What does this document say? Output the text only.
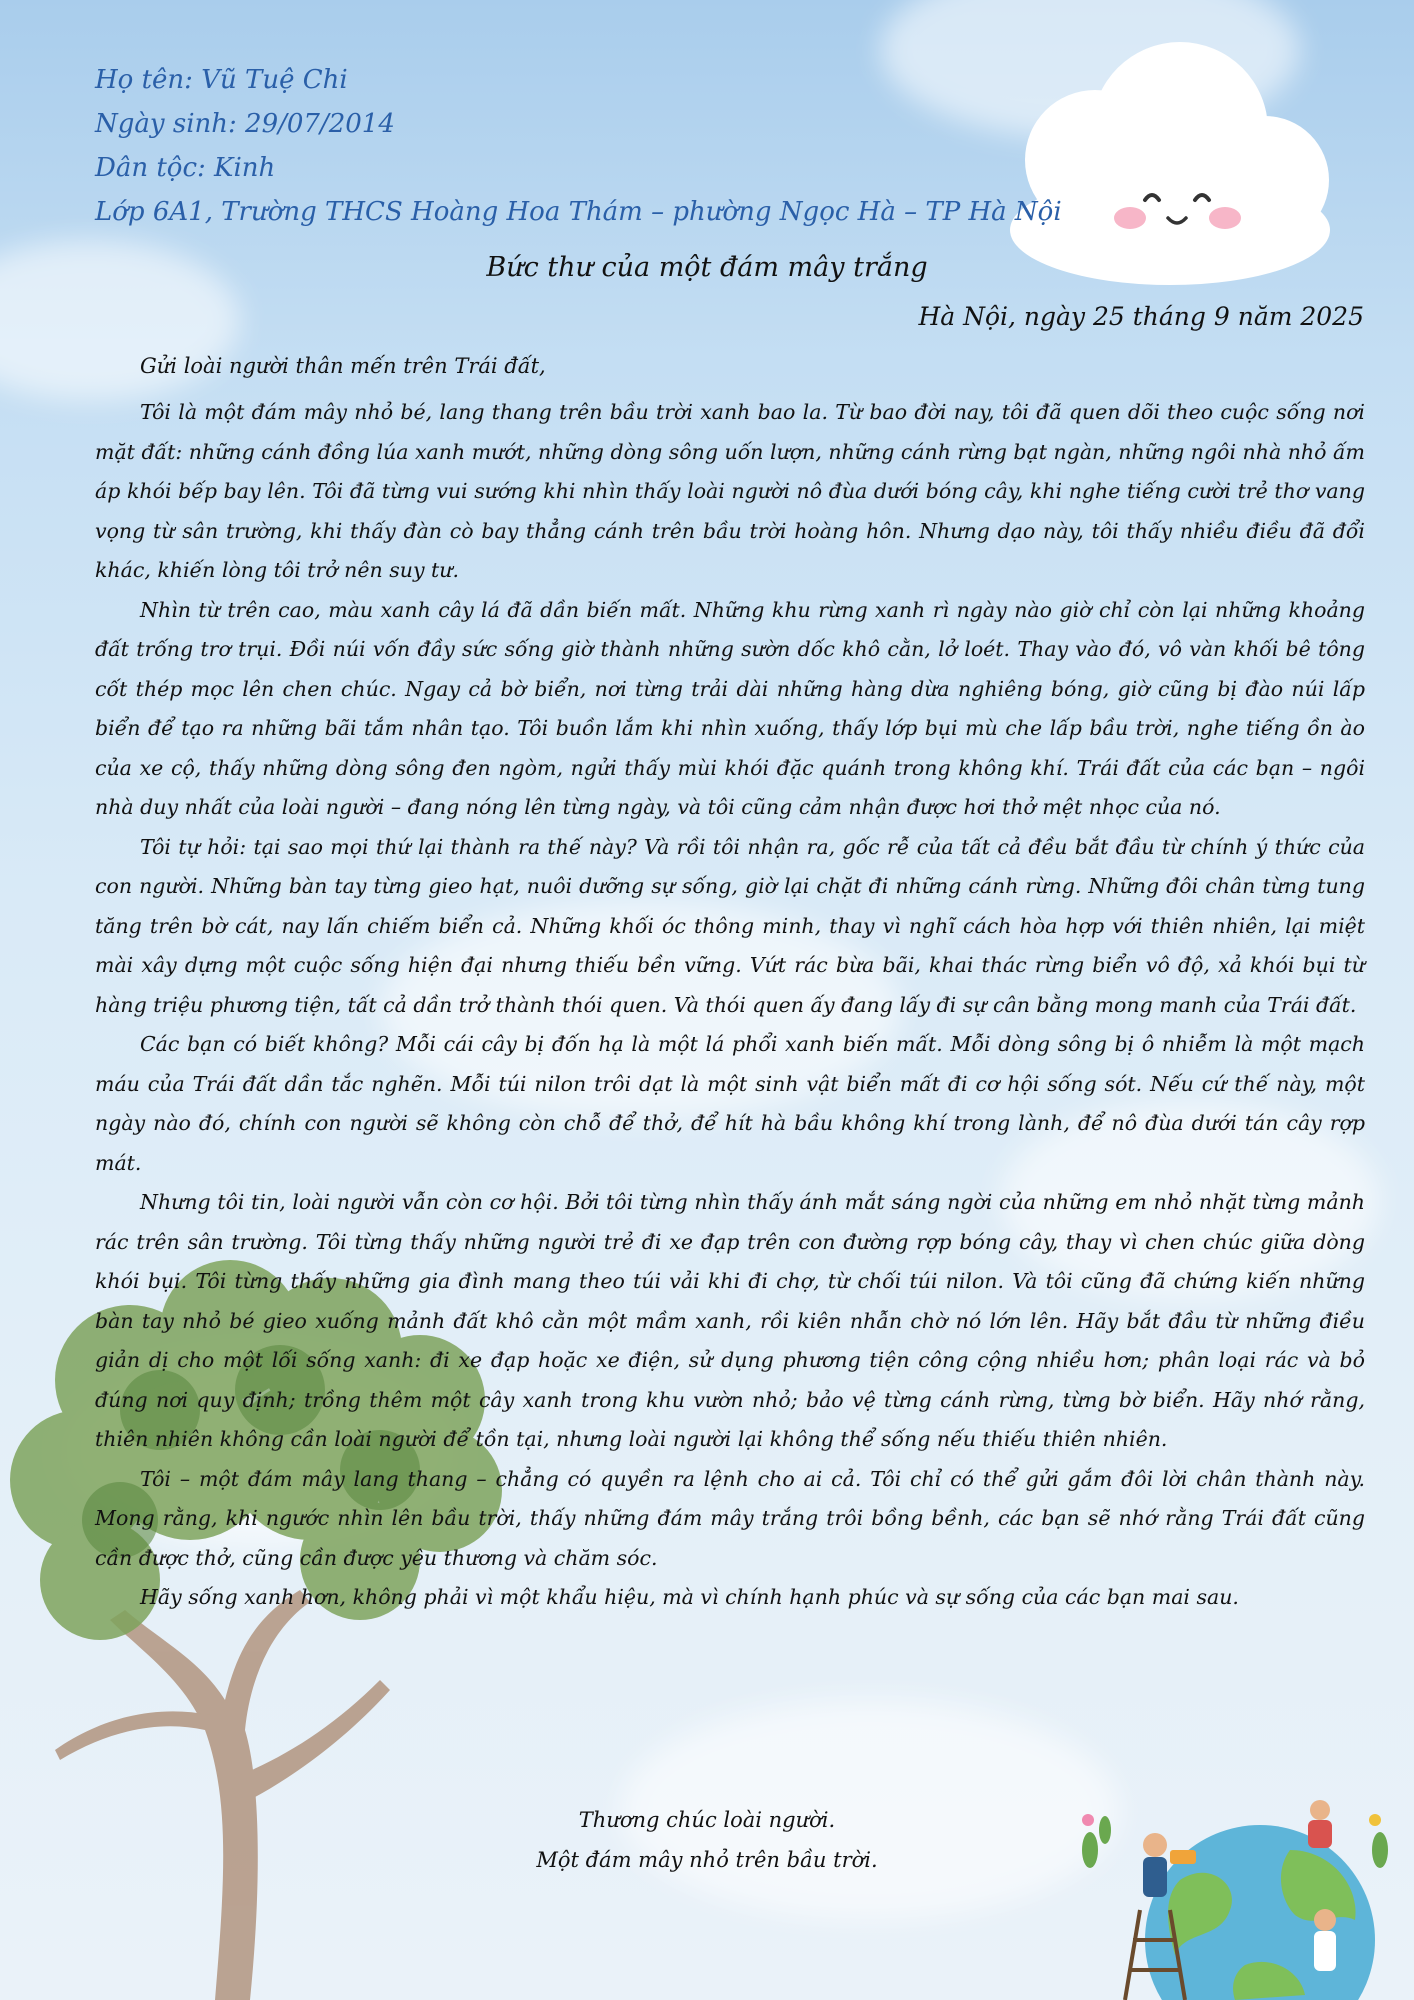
Họ tên: Vũ Tuệ Chi
Ngày sinh: 29/07/2014
Dân tộc: Kinh
Lớp 6A1, Trường THCS Hoàng Hoa Thám – phường Ngọc Hà – TP Hà Nội
Bức thư của một đám mây trắng
Hà Nội, ngày 25 tháng 9 năm 2025
Gửi loài người thân mến trên Trái đất,

Tôi là một đám mây nhỏ bé, lang thang trên bầu trời xanh bao la. Từ bao đời nay, tôi đã quen dõi theo cuộc sống nơi mặt đất: những cánh đồng lúa xanh mướt, những dòng sông uốn lượn, những cánh rừng bạt ngàn, những ngôi nhà nhỏ ấm áp khói bếp bay lên. Tôi đã từng vui sướng khi nhìn thấy loài người nô đùa dưới bóng cây, khi nghe tiếng cười trẻ thơ vang vọng từ sân trường, khi thấy đàn cò bay thẳng cánh trên bầu trời hoàng hôn. Nhưng dạo này, tôi thấy nhiều điều đã đổi khác, khiến lòng tôi trở nên suy tư.

Nhìn từ trên cao, màu xanh cây lá đã dần biến mất. Những khu rừng xanh rì ngày nào giờ chỉ còn lại những khoảng đất trống trơ trụi. Đồi núi vốn đầy sức sống giờ thành những sườn dốc khô cằn, lở loét. Thay vào đó, vô vàn khối bê tông cốt thép mọc lên chen chúc. Ngay cả bờ biển, nơi từng trải dài những hàng dừa nghiêng bóng, giờ cũng bị đào núi lấp biển để tạo ra những bãi tắm nhân tạo. Tôi buồn lắm khi nhìn xuống, thấy lớp bụi mù che lấp bầu trời, nghe tiếng ồn ào của xe cộ, thấy những dòng sông đen ngòm, ngửi thấy mùi khói đặc quánh trong không khí. Trái đất của các bạn – ngôi nhà duy nhất của loài người – đang nóng lên từng ngày, và tôi cũng cảm nhận được hơi thở mệt nhọc của nó.

Tôi tự hỏi: tại sao mọi thứ lại thành ra thế này? Và rồi tôi nhận ra, gốc rễ của tất cả đều bắt đầu từ chính ý thức của con người. Những bàn tay từng gieo hạt, nuôi dưỡng sự sống, giờ lại chặt đi những cánh rừng. Những đôi chân từng tung tăng trên bờ cát, nay lấn chiếm biển cả. Những khối óc thông minh, thay vì nghĩ cách hòa hợp với thiên nhiên, lại miệt mài xây dựng một cuộc sống hiện đại nhưng thiếu bền vững. Vứt rác bừa bãi, khai thác rừng biển vô độ, xả khói bụi từ hàng triệu phương tiện, tất cả dần trở thành thói quen. Và thói quen ấy đang lấy đi sự cân bằng mong manh của Trái đất.

Các bạn có biết không? Mỗi cái cây bị đốn hạ là một lá phổi xanh biến mất. Mỗi dòng sông bị ô nhiễm là một mạch máu của Trái đất dần tắc nghẽn. Mỗi túi nilon trôi dạt là một sinh vật biển mất đi cơ hội sống sót. Nếu cứ thế này, một ngày nào đó, chính con người sẽ không còn chỗ để thở, để hít hà bầu không khí trong lành, để nô đùa dưới tán cây rợp mát.

Nhưng tôi tin, loài người vẫn còn cơ hội. Bởi tôi từng nhìn thấy ánh mắt sáng ngời của những em nhỏ nhặt từng mảnh rác trên sân trường. Tôi từng thấy những người trẻ đi xe đạp trên con đường rợp bóng cây, thay vì chen chúc giữa dòng khói bụi. Tôi từng thấy những gia đình mang theo túi vải khi đi chợ, từ chối túi nilon. Và tôi cũng đã chứng kiến những bàn tay nhỏ bé gieo xuống mảnh đất khô cằn một mầm xanh, rồi kiên nhẫn chờ nó lớn lên. Hãy bắt đầu từ những điều giản dị cho một lối sống xanh: đi xe đạp hoặc xe điện, sử dụng phương tiện công cộng nhiều hơn; phân loại rác và bỏ đúng nơi quy định; trồng thêm một cây xanh trong khu vườn nhỏ; bảo vệ từng cánh rừng, từng bờ biển. Hãy nhớ rằng, thiên nhiên không cần loài người để tồn tại, nhưng loài người lại không thể sống nếu thiếu thiên nhiên.

Tôi – một đám mây lang thang – chẳng có quyền ra lệnh cho ai cả. Tôi chỉ có thể gửi gắm đôi lời chân thành này. Mong rằng, khi ngước nhìn lên bầu trời, thấy những đám mây trắng trôi bồng bềnh, các bạn sẽ nhớ rằng Trái đất cũng cần được thở, cũng cần được yêu thương và chăm sóc.

Hãy sống xanh hơn, không phải vì một khẩu hiệu, mà vì chính hạnh phúc và sự sống của các bạn mai sau.

Thương chúc loài người.
Một đám mây nhỏ trên bầu trời.
